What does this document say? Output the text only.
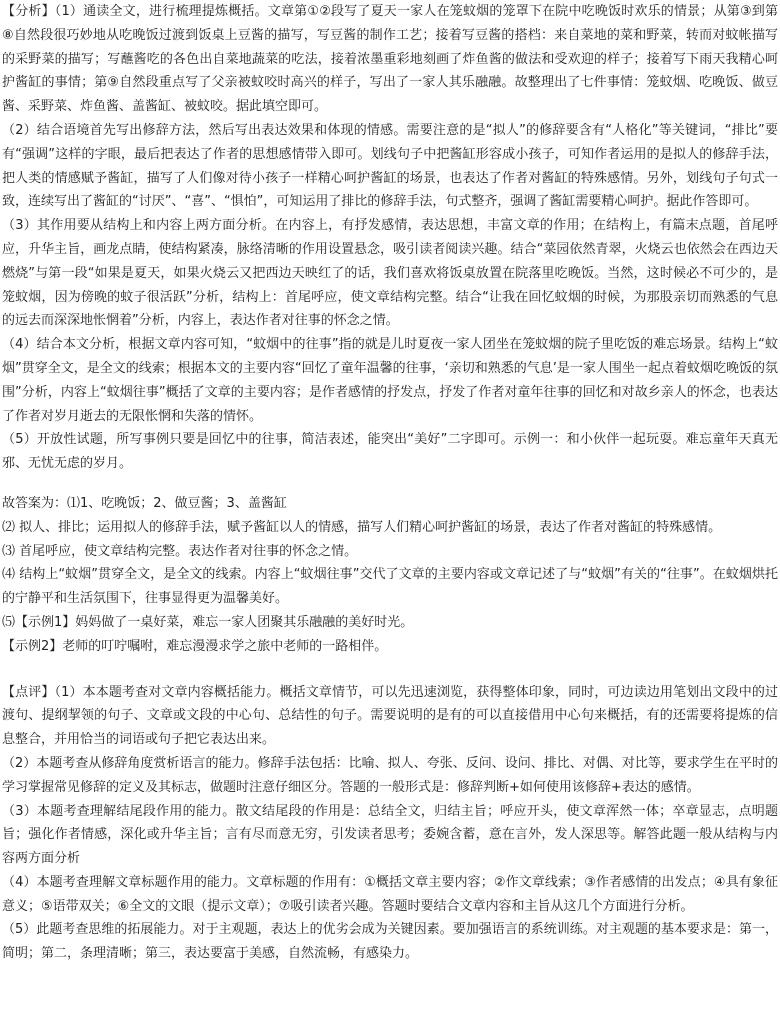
【分析】（1）通读全文，进行梳理提炼概括。文章第①②段写了夏天一家人在笼蚊烟的笼罩下在院中吃晚饭时欢乐的情景；从第③到第⑧自然段很巧妙地从吃晚饭过渡到饭桌上豆酱的描写，写豆酱的制作工艺；接着写豆酱的搭档：来自菜地的菜和野菜，转而对蚊帐描写的采野菜的描写；写蘸酱吃的各色出自菜地蔬菜的吃法，接着浓墨重彩地刻画了炸鱼酱的做法和受欢迎的样子；接着写下雨天我精心呵护酱缸的事情；第⑨自然段重点写了父亲被蚊咬时高兴的样子，写出了一家人其乐融融。故整理出了七件事情：笼蚊烟、吃晚饭、做豆酱、采野菜、炸鱼酱、盖酱缸、被蚊咬。据此填空即可。

（2）结合语境首先写出修辞方法，然后写出表达效果和体现的情感。需要注意的是“拟人”的修辞要含有“人格化”等关键词，“排比”要有“强调”这样的字眼，最后把表达了作者的思想感情带入即可。划线句子中把酱缸形容成小孩子，可知作者运用的是拟人的修辞手法，把人类的情感赋予酱缸，描写了人们像对待小孩子一样精心呵护酱缸的场景，也表达了作者对酱缸的特殊感情。另外，划线句子句式一致，连续写出了酱缸的“讨厌”、“喜”、“惧怕”，可知运用了排比的修辞手法，句式整齐，强调了酱缸需要精心呵护。据此作答即可。

（3）其作用要从结构上和内容上两方面分析。在内容上，有抒发感情，表达思想，丰富文章的作用；在结构上，有篇末点题，首尾呼应，升华主旨，画龙点睛，使结构紧凑，脉络清晰的作用设置悬念，吸引读者阅读兴趣。结合“菜园依然青翠，火烧云也依然会在西边天燃烧”与第一段“如果是夏天，如果火烧云又把西边天映红了的话，我们喜欢将饭桌放置在院落里吃晚饭。当然，这时候必不可少的，是笼蚊烟，因为傍晚的蚊子很活跃”分析，结构上：首尾呼应，使文章结构完整。结合“让我在回忆蚊烟的时候，为那股亲切而熟悉的气息的远去而深深地怅惘着”分析，内容上，表达作者对往事的怀念之情。

（4）结合本文分析，根据文章内容可知，“蚊烟中的往事”指的就是儿时夏夜一家人团坐在笼蚊烟的院子里吃饭的难忘场景。结构上“蚊烟”贯穿全文，是全文的线索；根据本文的主要内容“回忆了童年温馨的往事，‘亲切和熟悉的气息’是一家人围坐一起点着蚊烟吃晚饭的氛围”分析，内容上“蚊烟往事”概括了文章的主要内容；是作者感情的抒发点，抒发了作者对童年往事的回忆和对故乡亲人的怀念，也表达了作者对岁月逝去的无限怅惘和失落的情怀。

（5）开放性试题，所写事例只要是回忆中的往事，简洁表述，能突出“美好”二字即可。示例一：和小伙伴一起玩耍。难忘童年天真无邪、无忧无虑的岁月。

故答案为：⑴1、吃晚饭；2、做豆酱；3、盖酱缸

⑵ 拟人、排比；运用拟人的修辞手法，赋予酱缸以人的情感，描写人们精心呵护酱缸的场景，表达了作者对酱缸的特殊感情。

⑶ 首尾呼应，使文章结构完整。表达作者对往事的怀念之情。

⑷ 结构上“蚊烟”贯穿全文，是全文的线索。内容上“蚊烟往事”交代了文章的主要内容或文章记述了与“蚊烟”有关的“往事”。在蚊烟烘托的宁静平和生活氛围下，往事显得更为温馨美好。

⑸【示例1】妈妈做了一桌好菜，难忘一家人团聚其乐融融的美好时光。

【示例2】老师的叮咛嘱咐，难忘漫漫求学之旅中老师的一路相伴。

【点评】（1）本本题考查对文章内容概括能力。概括文章情节，可以先迅速浏览，获得整体印象，同时，可边读边用笔划出文段中的过渡句、提纲挈领的句子、文章或文段的中心句、总结性的句子。需要说明的是有的可以直接借用中心句来概括，有的还需要将提炼的信息整合，并用恰当的词语或句子把它表达出来。

（2）本题考查从修辞角度赏析语言的能力。修辞手法包括：比喻、拟人、夸张、反问、设问、排比、对偶、对比等，要求学生在平时的学习掌握常见修辞的定义及其标志，做题时注意仔细区分。答题的一般形式是：修辞判断+如何使用该修辞+表达的感情。

（3）本题考查理解结尾段作用的能力。散文结尾段的作用是：总结全文，归结主旨；呼应开头，使文章浑然一体；卒章显志，点明题旨；强化作者情感，深化或升华主旨；言有尽而意无穷，引发读者思考；委婉含蓄，意在言外，发人深思等。解答此题一般从结构与内容两方面分析

（4）本题考查理解文章标题作用的能力。文章标题的作用有：①概括文章主要内容；②作文章线索；③作者感情的出发点；④具有象征意义；⑤语带双关；⑥全文的文眼（提示文章）；⑦吸引读者兴趣。答题时要结合文章内容和主旨从这几个方面进行分析。

（5）此题考查思维的拓展能力。对于主观题，表达上的优劣会成为关键因素。要加强语言的系统训练。对主观题的基本要求是：第一，简明；第二，条理清晰；第三，表达要富于美感，自然流畅，有感染力。
